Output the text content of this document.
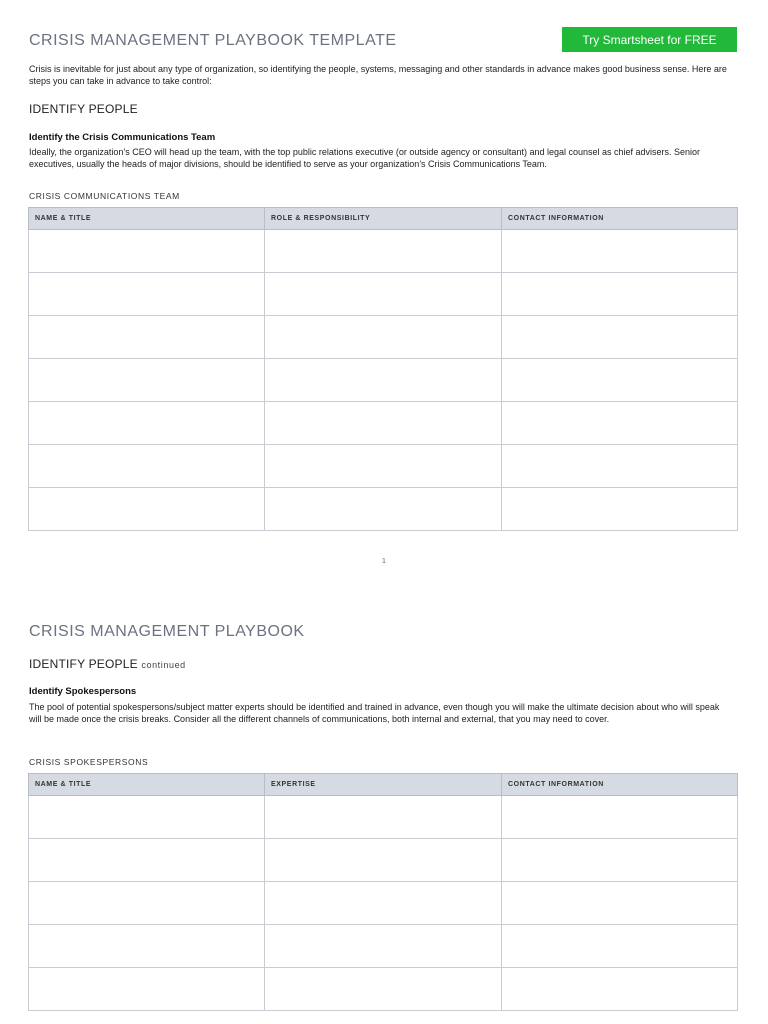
CRISIS MANAGEMENT PLAYBOOK TEMPLATE	Try Smartsheet for FREE

Crisis is inevitable for just about any type of organization, so identifying the people, systems, messaging and other standards in advance makes good business sense. Here are steps you can take in advance to take control:

IDENTIFY PEOPLE
Identify the Crisis Communications Team

Ideally, the organization’s CEO will head up the team, with the top public relations executive (or outside agency or consultant) and legal counsel as chief advisers. Senior executives, usually the heads of major divisions, should be identified to serve as your organization’s Crisis Communications Team.

CRISIS COMMUNICATIONS TEAM
NAME & TITLE	ROLE & RESPONSIBILITY	CONTACT INFORMATION

1
CRISIS MANAGEMENT PLAYBOOK
IDENTIFY PEOPLE continued
Identify Spokespersons

The pool of potential spokespersons/subject matter experts should be identified and trained in advance, even though you will make the ultimate decision about who will speak will be made once the crisis breaks. Consider all the different channels of communications, both internal and external, that you may need to cover.

CRISIS SPOKESPERSONS
NAME & TITLE	EXPERTISE	CONTACT INFORMATION
